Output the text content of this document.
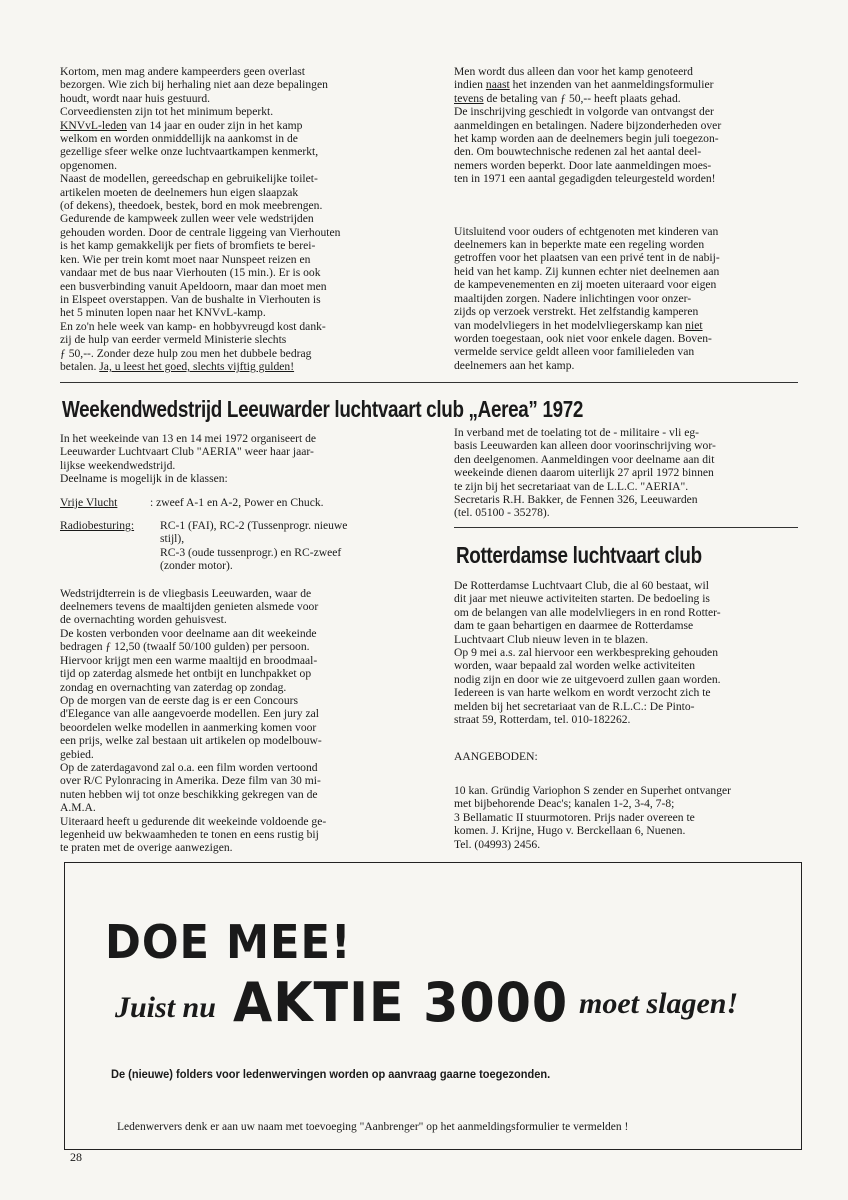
Kortom, men mag andere kampeerders geen overlast

bezorgen. Wie zich bij herhaling niet aan deze bepalingen

houdt, wordt naar huis gestuurd.

Corveediensten zijn tot het minimum beperkt.

KNVvL-leden van 14 jaar en ouder zijn in het kamp

welkom en worden onmiddellijk na aankomst in de

gezellige sfeer welke onze luchtvaartkampen kenmerkt,

opgenomen.

Naast de modellen, gereedschap en gebruikelijke toilet-

artikelen moeten de deelnemers hun eigen slaapzak

(of dekens), theedoek, bestek, bord en mok meebrengen.

Gedurende de kampweek zullen weer vele wedstrijden

gehouden worden. Door de centrale liggeing van Vierhouten

is het kamp gemakkelijk per fiets of bromfiets te berei-

ken. Wie per trein komt moet naar Nunspeet reizen en

vandaar met de bus naar Vierhouten (15 min.). Er is ook

een busverbinding vanuit Apeldoorn, maar dan moet men

in Elspeet overstappen. Van de bushalte in Vierhouten is

het 5 minuten lopen naar het KNVvL-kamp.

En zo'n hele week van kamp- en hobbyvreugd kost dank-

zij de hulp van eerder vermeld Ministerie slechts

ƒ 50,--. Zonder deze hulp zou men het dubbele bedrag

betalen. Ja, u leest het goed, slechts vijftig gulden!

Men wordt dus alleen dan voor het kamp genoteerd

indien naast het inzenden van het aanmeldingsformulier

tevens de betaling van ƒ 50,-- heeft plaats gehad.

De inschrijving geschiedt in volgorde van ontvangst der

aanmeldingen en betalingen. Nadere bijzonderheden over

het kamp worden aan de deelnemers begin juli toegezon-

den. Om bouwtechnische redenen zal het aantal deel-

nemers worden beperkt. Door late aanmeldingen moes-

ten in 1971 een aantal gegadigden teleurgesteld worden!

Uitsluitend voor ouders of echtgenoten met kinderen van

deelnemers kan in beperkte mate een regeling worden

getroffen voor het plaatsen van een privé tent in de nabij-

heid van het kamp. Zij kunnen echter niet deelnemen aan

de kampevenementen en zij moeten uiteraard voor eigen

maaltijden zorgen. Nadere inlichtingen voor onzer-

zijds op verzoek verstrekt. Het zelfstandig kamperen

van modelvliegers in het modelvliegerskamp kan niet

worden toegestaan, ook niet voor enkele dagen. Boven-

vermelde service geldt alleen voor familieleden van

deelnemers aan het kamp.

Weekendwedstrijd Leeuwarder luchtvaart club „Aerea” 1972

In het weekeinde van 13 en 14 mei 1972 organiseert de

Leeuwarder Luchtvaart Club "AERIA" weer haar jaar-

lijkse weekendwedstrijd.

Deelname is mogelijk in de klassen:

Vrije Vlucht	: zweef A-1 en A-2, Power en Chuck.
Radiobesturing: RC-1 (FAI), RC-2 (Tussenprogr. nieuwe

stijl),

RC-3 (oude tussenprogr.) en RC-zweef

(zonder motor).

Wedstrijdterrein is de vliegbasis Leeuwarden, waar de

deelnemers tevens de maaltijden genieten alsmede voor

de overnachting worden gehuisvest.

De kosten verbonden voor deelname aan dit weekeinde

bedragen ƒ 12,50 (twaalf 50/100 gulden) per persoon.

Hiervoor krijgt men een warme maaltijd en broodmaal-

tijd op zaterdag alsmede het ontbijt en lunchpakket op

zondag en overnachting van zaterdag op zondag.

Op de morgen van de eerste dag is er een Concours

d'Elegance van alle aangevoerde modellen. Een jury zal

beoordelen welke modellen in aanmerking komen voor

een prijs, welke zal bestaan uit artikelen op modelbouw-

gebied.

Op de zaterdagavond zal o.a. een film worden vertoond

over R/C Pylonracing in Amerika. Deze film van 30 mi-

nuten hebben wij tot onze beschikking gekregen van de

A.M.A.

Uiteraard heeft u gedurende dit weekeinde voldoende ge-

legenheid uw bekwaamheden te tonen en eens rustig bij

te praten met de overige aanwezigen.

In verband met de toelating tot de - militaire - vli eg-

basis Leeuwarden kan alleen door voorinschrijving wor-

den deelgenomen. Aanmeldingen voor deelname aan dit

weekeinde dienen daarom uiterlijk 27 april 1972 binnen

te zijn bij het secretariaat van de L.L.C. "AERIA".

Secretaris R.H. Bakker, de Fennen 326, Leeuwarden

(tel. 05100 - 35278).

Rotterdamse luchtvaart club

De Rotterdamse Luchtvaart Club, die al 60 bestaat, wil

dit jaar met nieuwe activiteiten starten. De bedoeling is

om de belangen van alle modelvliegers in en rond Rotter-

dam te gaan behartigen en daarmee de Rotterdamse

Luchtvaart Club nieuw leven in te blazen.

Op 9 mei a.s. zal hiervoor een werkbespreking gehouden

worden, waar bepaald zal worden welke activiteiten

nodig zijn en door wie ze uitgevoerd zullen gaan worden.

Iedereen is van harte welkom en wordt verzocht zich te

melden bij het secretariaat van de R.L.C.: De Pinto-

straat 59, Rotterdam, tel. 010-182262.

AANGEBODEN:

10 kan. Gründig Variophon S zender en Superhet ontvanger

met bijbehorende Deac's; kanalen 1-2, 3-4, 7-8;

3 Bellamatic II stuurmotoren. Prijs nader overeen te

komen. J. Krijne, Hugo v. Berckellaan 6, Nuenen.

Tel. (04993) 2456.

DOE MEE!
Juist nu AKTIE 3000 moet slagen!
De (nieuwe) folders voor ledenwervingen worden op aanvraag gaarne toegezonden.
Ledenwervers denk er aan uw naam met toevoeging "Aanbrenger" op het aanmeldingsformulier te vermelden !
28
